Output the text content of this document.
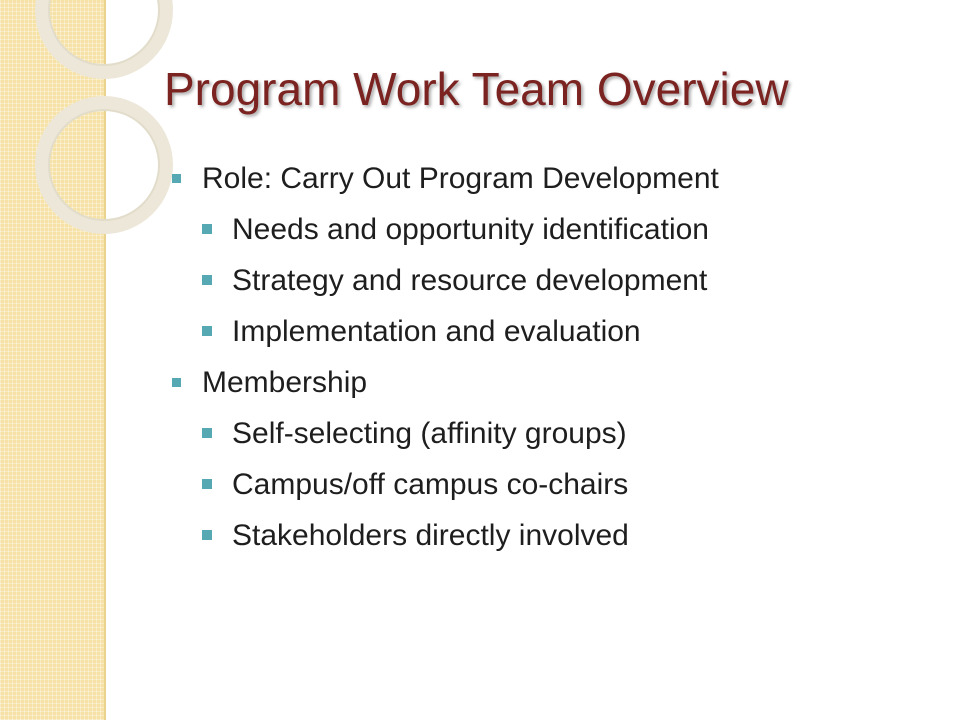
Program Work Team Overview
Role: Carry Out Program Development
Needs and opportunity identification
Strategy and resource development
Implementation and evaluation
Membership
Self-selecting (affinity groups)
Campus/off campus co-chairs
Stakeholders directly involved
